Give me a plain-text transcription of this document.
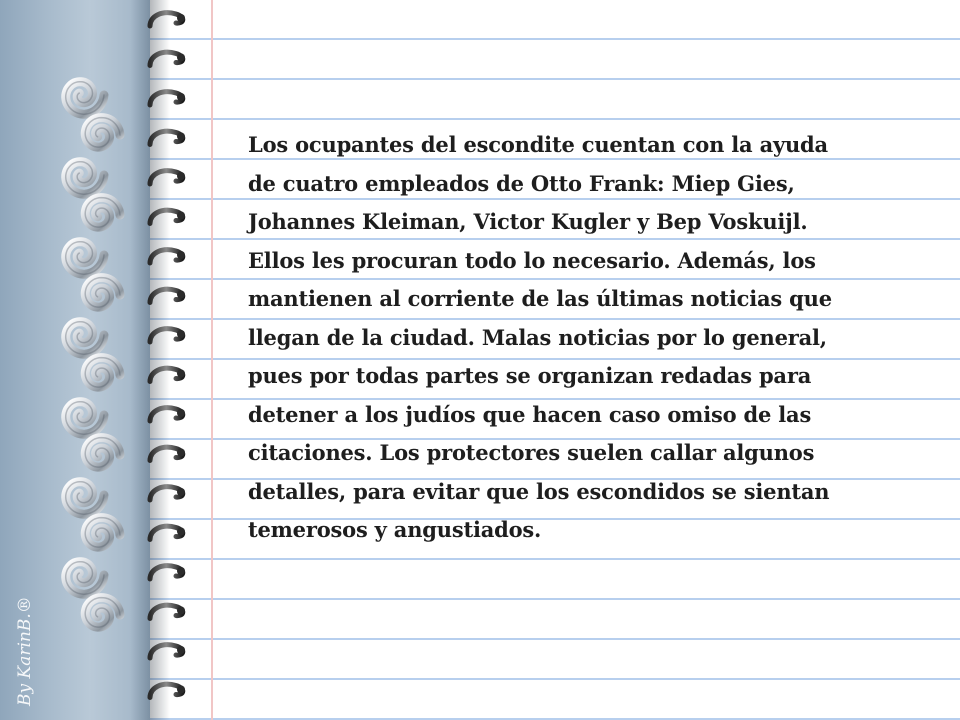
By KarinB.®
Los ocupantes del escondite cuentan con la ayuda
de cuatro empleados de Otto Frank: Miep Gies,
Johannes Kleiman, Victor Kugler y Bep Voskuijl.
Ellos les procuran todo lo necesario. Además, los
mantienen al corriente de las últimas noticias que
llegan de la ciudad. Malas noticias por lo general,
pues por todas partes se organizan redadas para
detener a los judíos que hacen caso omiso de las
citaciones. Los protectores suelen callar algunos
detalles, para evitar que los escondidos se sientan
temerosos y angustiados.
